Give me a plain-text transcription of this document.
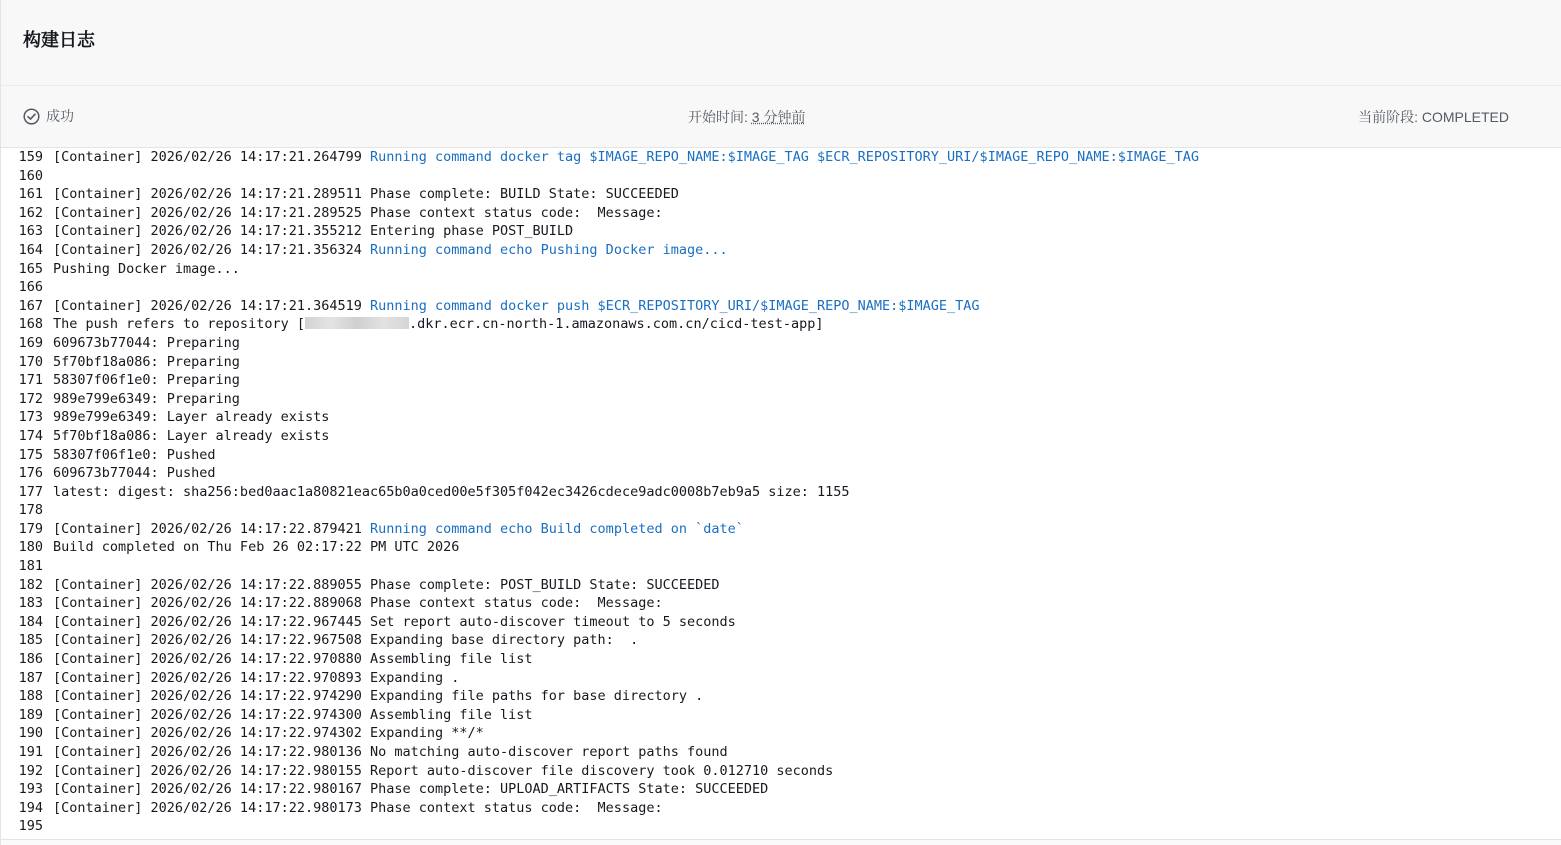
构建日志
成功	开始时间: 3 分钟前	当前阶段: COMPLETED
159 [Container] 2026/02/26 14:17:21.264799 Running command docker tag $IMAGE_REPO_NAME:$IMAGE_TAG $ECR_REPOSITORY_URI/$IMAGE_REPO_NAME:$IMAGE_TAG
160
161 [Container] 2026/02/26 14:17:21.289511 Phase complete: BUILD State: SUCCEEDED
162 [Container] 2026/02/26 14:17:21.289525 Phase context status code:  Message:
163 [Container] 2026/02/26 14:17:21.355212 Entering phase POST_BUILD
164 [Container] 2026/02/26 14:17:21.356324 Running command echo Pushing Docker image...
165 Pushing Docker image...
166
167 [Container] 2026/02/26 14:17:21.364519 Running command docker push $ECR_REPOSITORY_URI/$IMAGE_REPO_NAME:$IMAGE_TAG
168 The push refers to repository [	.dkr.ecr.cn-north-1.amazonaws.com.cn/cicd-test-app]
169 609673b77044: Preparing
170 5f70bf18a086: Preparing
171 58307f06f1e0: Preparing
172 989e799e6349: Preparing
173 989e799e6349: Layer already exists
174 5f70bf18a086: Layer already exists
175 58307f06f1e0: Pushed
176 609673b77044: Pushed
177 latest: digest: sha256:bed0aac1a80821eac65b0a0ced00e5f305f042ec3426cdece9adc0008b7eb9a5 size: 1155
178
179 [Container] 2026/02/26 14:17:22.879421 Running command echo Build completed on `date`
180 Build completed on Thu Feb 26 02:17:22 PM UTC 2026
181
182 [Container] 2026/02/26 14:17:22.889055 Phase complete: POST_BUILD State: SUCCEEDED
183 [Container] 2026/02/26 14:17:22.889068 Phase context status code:  Message:
184 [Container] 2026/02/26 14:17:22.967445 Set report auto-discover timeout to 5 seconds
185 [Container] 2026/02/26 14:17:22.967508 Expanding base directory path:  .
186 [Container] 2026/02/26 14:17:22.970880 Assembling file list
187 [Container] 2026/02/26 14:17:22.970893 Expanding .
188 [Container] 2026/02/26 14:17:22.974290 Expanding file paths for base directory .
189 [Container] 2026/02/26 14:17:22.974300 Assembling file list
190 [Container] 2026/02/26 14:17:22.974302 Expanding **/*
191 [Container] 2026/02/26 14:17:22.980136 No matching auto-discover report paths found
192 [Container] 2026/02/26 14:17:22.980155 Report auto-discover file discovery took 0.012710 seconds
193 [Container] 2026/02/26 14:17:22.980167 Phase complete: UPLOAD_ARTIFACTS State: SUCCEEDED
194 [Container] 2026/02/26 14:17:22.980173 Phase context status code:  Message:
195
